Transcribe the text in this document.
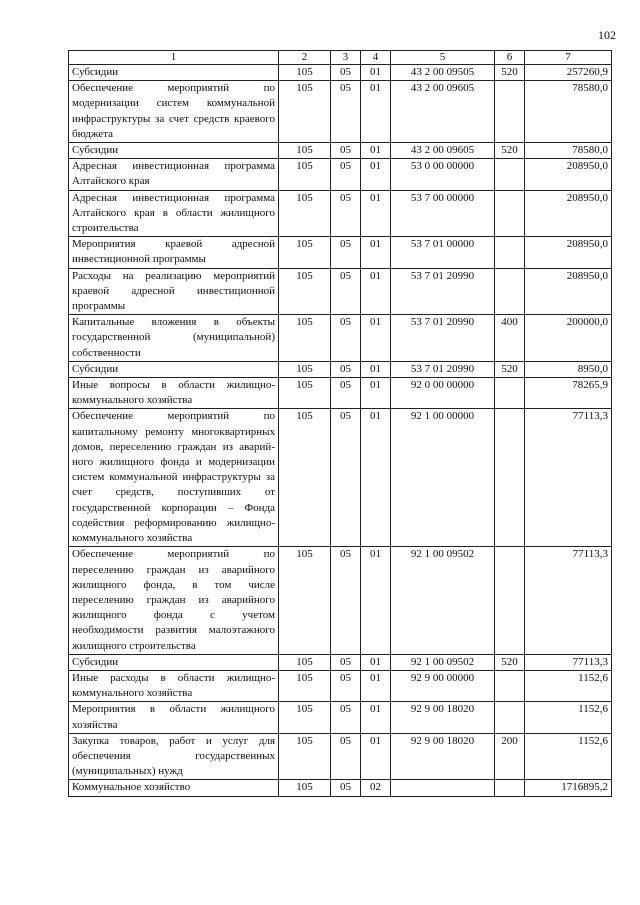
102
1	2	3	4	5	6	7
Субсидии	105	05	01	43 2 00 09505	520	257260,9
Обеспечение мероприятий по модернизации систем коммунальной инфраструктуры за счет средств краевого бюджета	105	05	01	43 2 00 09605		78580,0
Субсидии	105	05	01	43 2 00 09605	520	78580,0
Адресная инвестиционная программа Алтайского края	105	05	01	53 0 00 00000		208950,0
Адресная инвестиционная программа Алтайского края в области жилищного строительства	105	05	01	53 7 00 00000		208950,0
Мероприятия краевой адресной инвестиционной программы	105	05	01	53 7 01 00000		208950,0
Расходы на реализацию мероприятий краевой адресной инвестиционной программы	105	05	01	53 7 01 20990		208950,0
Капитальные вложения в объекты государственной (муниципальной) собственности	105	05	01	53 7 01 20990	400	200000,0
Субсидии	105	05	01	53 7 01 20990	520	8950,0
Иные вопросы в области жилищно-коммунального хозяйства	105	05	01	92 0 00 00000		78265,9
Обеспечение мероприятий по капитальному ремонту многоквартирных домов, переселению граждан из аварийного жилищного фонда и модернизации систем коммунальной инфраструктуры за счет средств, поступивших от государственной корпорации – Фонда содействия реформированию жилищно-коммунального хозяйства	105	05	01	92 1 00 00000		77113,3
Обеспечение мероприятий по переселению граждан из аварийного жилищного фонда, в том числе переселению граждан из аварийного жилищного фонда с учетом необходимости развития малоэтажного жилищного строительства	105	05	01	92 1 00 09502		77113,3
Субсидии	105	05	01	92 1 00 09502	520	77113,3
Иные расходы в области жилищно-коммунального хозяйства	105	05	01	92 9 00 00000		1152,6
Мероприятия в области жилищного хозяйства	105	05	01	92 9 00 18020		1152,6
Закупка товаров, работ и услуг для обеспечения государственных (муниципальных) нужд	105	05	01	92 9 00 18020	200	1152,6
Коммунальное хозяйство	105	05	02			1716895,2
